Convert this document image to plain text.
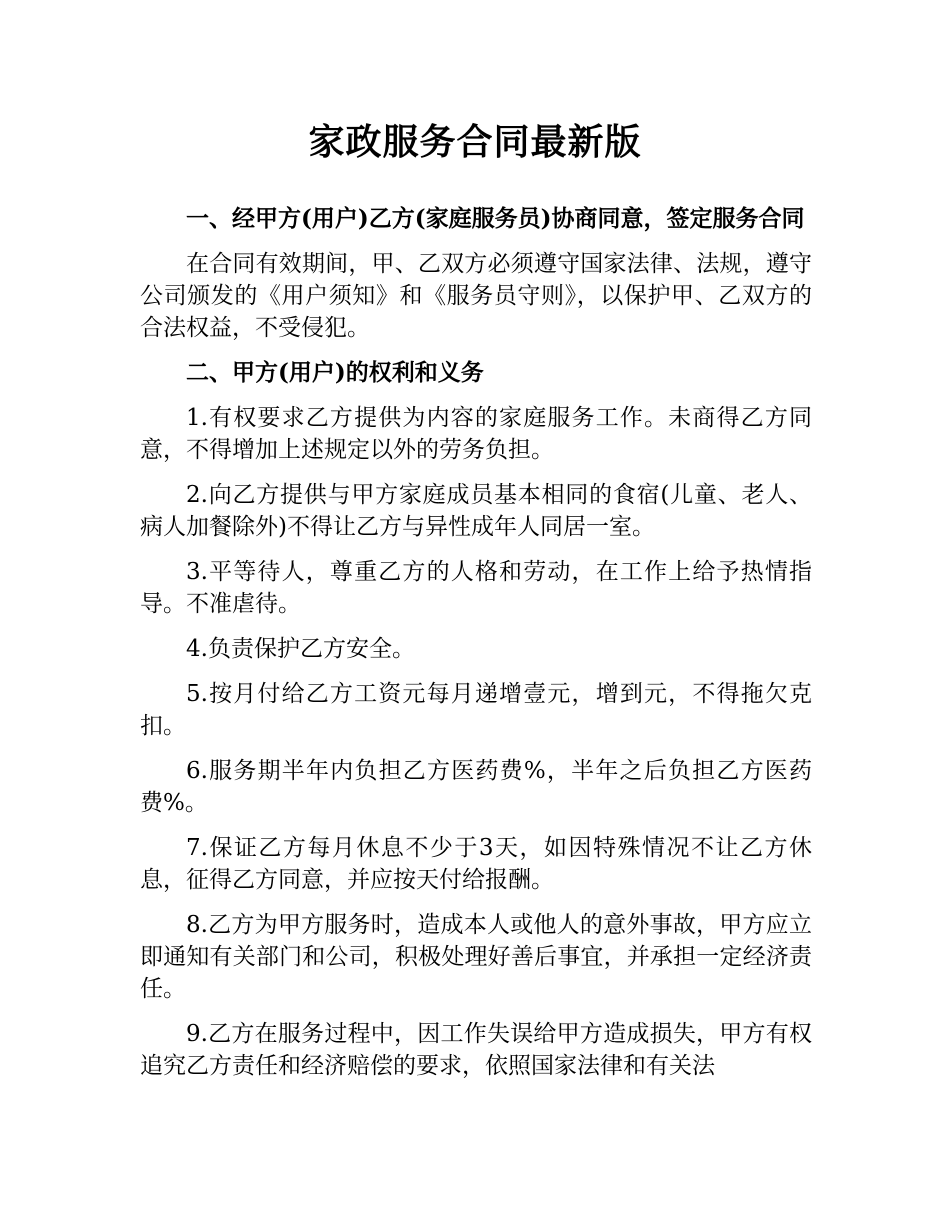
家政服务合同最新版

一、经甲方(用户)乙方(家庭服务员)协商同意，签定服务合同

在合同有效期间，甲、乙双方必须遵守国家法律、法规，遵守公司颁发的《用户须知》和《服务员守则》，以保护甲、乙双方的合法权益，不受侵犯。

二、甲方(用户)的权利和义务

1.有权要求乙方提供为内容的家庭服务工作。未商得乙方同意，不得增加上述规定以外的劳务负担。

2.向乙方提供与甲方家庭成员基本相同的食宿(儿童、老人、病人加餐除外)不得让乙方与异性成年人同居一室。

3.平等待人，尊重乙方的人格和劳动，在工作上给予热情指导。不准虐待。

4.负责保护乙方安全。

5.按月付给乙方工资元每月递增壹元，增到元，不得拖欠克扣。

6.服务期半年内负担乙方医药费%，半年之后负担乙方医药费%。

7.保证乙方每月休息不少于3天，如因特殊情况不让乙方休息，征得乙方同意，并应按天付给报酬。

8.乙方为甲方服务时，造成本人或他人的意外事故，甲方应立即通知有关部门和公司，积极处理好善后事宜，并承担一定经济责任。

9.乙方在服务过程中，因工作失误给甲方造成损失，甲方有权追究乙方责任和经济赔偿的要求，依照国家法律和有关法
